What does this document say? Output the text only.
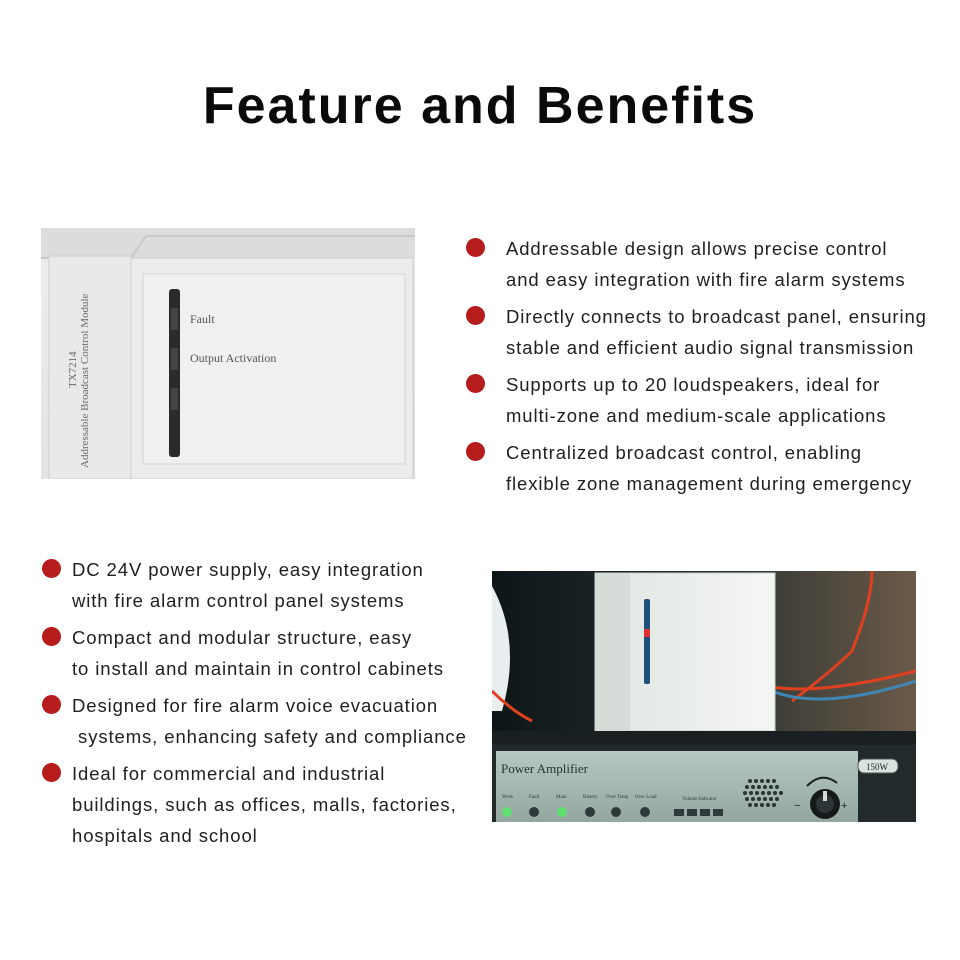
Feature and Benefits
Fault
Output Activation
Addressable Broadcast Control Module
TX7214
Addressable design allows precise control
and easy integration with fire alarm systems
Directly connects to broadcast panel, ensuring
stable and efficient audio signal transmission
Supports up to 20 loudspeakers, ideal for
multi-zone and medium-scale applications
Centralized broadcast control, enabling
flexible zone management during emergency
DC 24V power supply, easy integration
with fire alarm control panel systems
Compact and modular structure, easy
to install and maintain in control cabinets
Designed for fire alarm voice evacuation
systems, enhancing safety and compliance
Ideal for commercial and industrial
buildings, such as offices, malls, factories,
hospitals and school
Power Amplifier	150W
Work	Fault	Main	Battery Over Temp Over Load	Volume Indicator
−	+
